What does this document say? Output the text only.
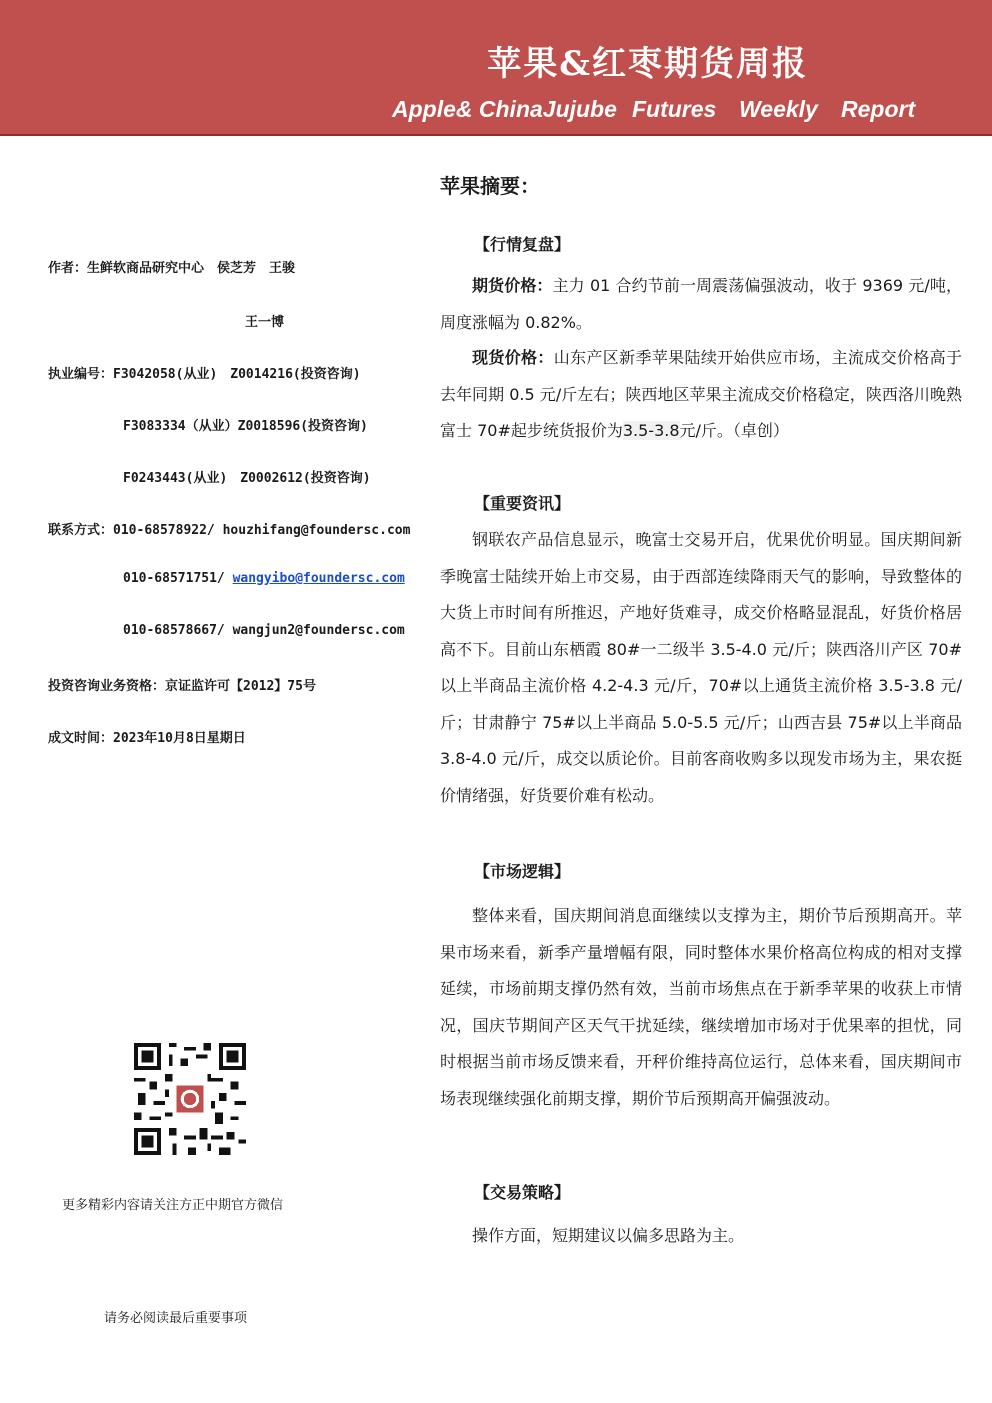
苹果&红枣期货周报
Apple& ChinaJujube Futures Weekly Report
作者：生鲜软商品研究中心　侯芝芳　王骏
王一博
执业编号：F3042058(从业)　Z0014216(投资咨询)
F3083334（从业）Z0018596(投资咨询)
F0243443(从业)　Z0002612(投资咨询)
联系方式：010-68578922/ houzhifang@foundersc.com
010-68571751/ wangyibo@foundersc.com
010-68578667/ wangjun2@foundersc.com
投资咨询业务资格：京证监许可【2012】75号
成文时间：2023年10月8日星期日
更多精彩内容请关注方正中期官方微信
请务必阅读最后重要事项
苹果摘要：
【行情复盘】
期货价格：主力 01 合约节前一周震荡偏强波动，收于 9369 元/吨，周度涨幅为 0.82%。
现货价格：山东产区新季苹果陆续开始供应市场，主流成交价格高于去年同期 0.5 元/斤左右；陕西地区苹果主流成交价格稳定，陕西洛川晚熟富士 70#起步统货报价为3.5-3.8元/斤。（卓创）
【重要资讯】
钢联农产品信息显示，晚富士交易开启，优果优价明显。国庆期间新季晚富士陆续开始上市交易，由于西部连续降雨天气的影响，导致整体的大货上市时间有所推迟，产地好货难寻，成交价格略显混乱，好货价格居高不下。目前山东栖霞 80#一二级半 3.5-4.0 元/斤；陕西洛川产区 70#以上半商品主流价格 4.2-4.3 元/斤，70#以上通货主流价格 3.5-3.8 元/斤；甘肃静宁 75#以上半商品 5.0-5.5 元/斤；山西吉县 75#以上半商品 3.8-4.0 元/斤，成交以质论价。目前客商收购多以现发市场为主，果农挺价情绪强，好货要价难有松动。
【市场逻辑】
整体来看，国庆期间消息面继续以支撑为主，期价节后预期高开。苹果市场来看，新季产量增幅有限，同时整体水果价格高位构成的相对支撑延续，市场前期支撑仍然有效，当前市场焦点在于新季苹果的收获上市情况，国庆节期间产区天气干扰延续，继续增加市场对于优果率的担忧，同时根据当前市场反馈来看，开秤价维持高位运行，总体来看，国庆期间市场表现继续强化前期支撑，期价节后预期高开偏强波动。
【交易策略】
操作方面，短期建议以偏多思路为主。
